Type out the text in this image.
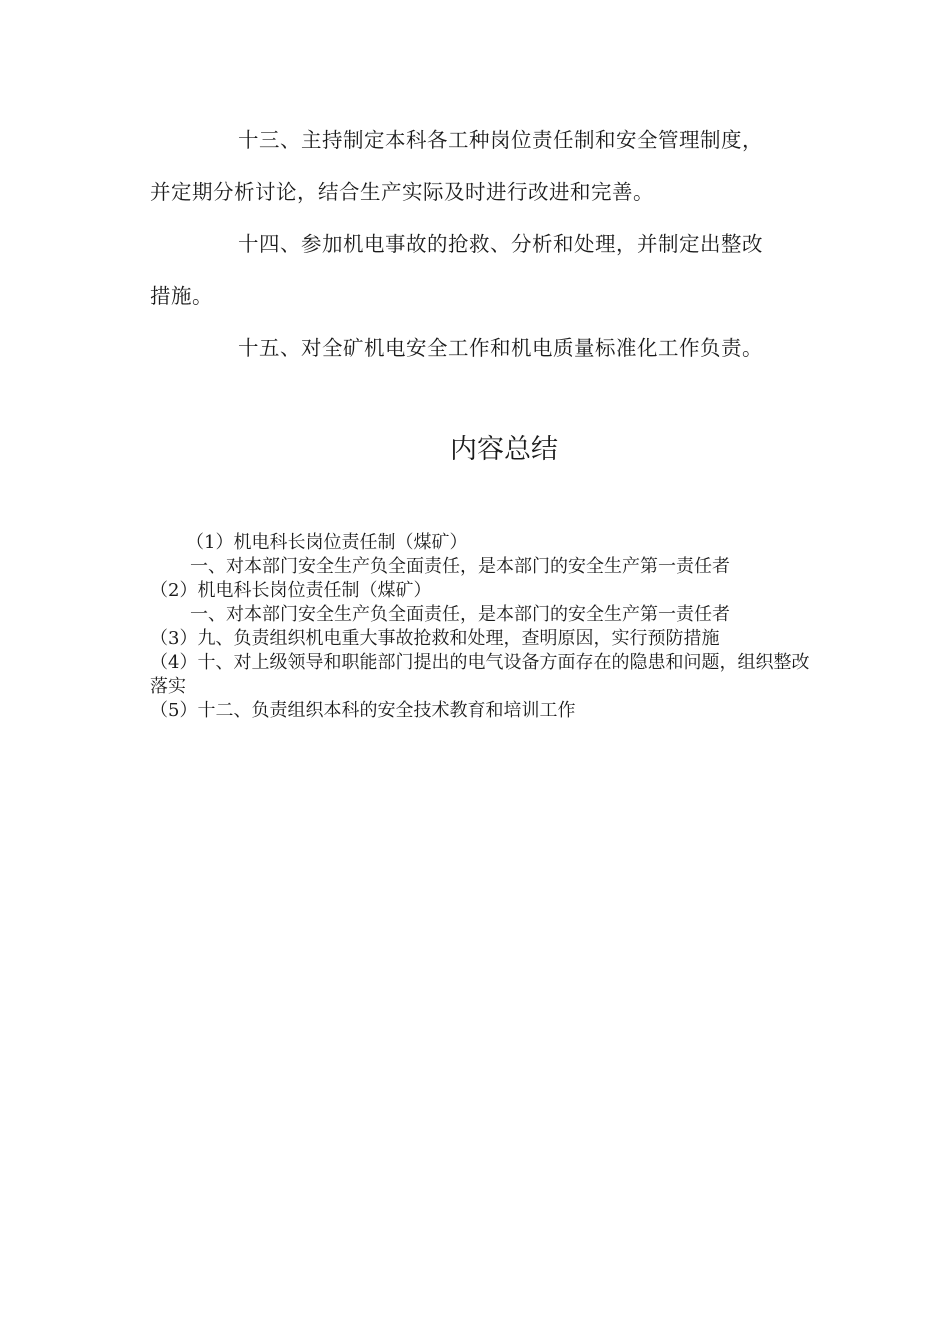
十三、主持制定本科各工种岗位责任制和安全管理制度，

并定期分析讨论，结合生产实际及时进行改进和完善。

十四、参加机电事故的抢救、分析和处理，并制定出整改

措施。

十五、对全矿机电安全工作和机电质量标准化工作负责。

内容总结

（1）机电科长岗位责任制（煤矿）

一、对本部门安全生产负全面责任，是本部门的安全生产第一责任者

（2）机电科长岗位责任制（煤矿）

一、对本部门安全生产负全面责任，是本部门的安全生产第一责任者

（3）九、负责组织机电重大事故抢救和处理，查明原因，实行预防措施

（4）十、对上级领导和职能部门提出的电气设备方面存在的隐患和问题，组织整改落实

（5）十二、负责组织本科的安全技术教育和培训工作
